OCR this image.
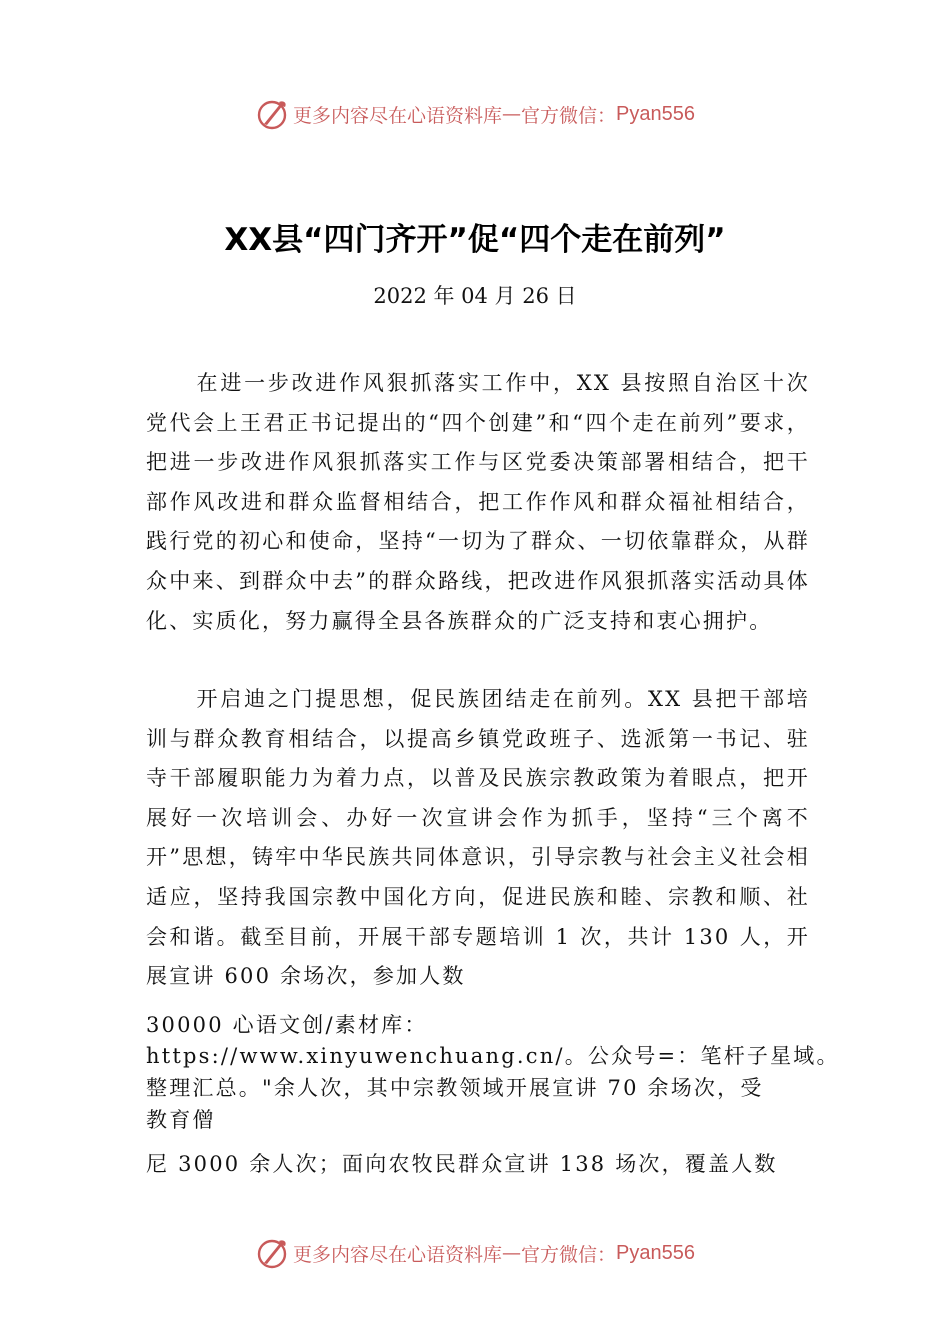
更多内容尽在心语资料库 — 官方微信： Pyan556
XX县“四门齐开”促“四个走在前列”
2022 年 04 月 26 日

在进一步改进作风狠抓落实工作中，XX 县按照自治区十次党代会上王君正书记提出的“四个创建”和“四个走在前列”要求，把进一步改进作风狠抓落实工作与区党委决策部署相结合，把干部作风改进和群众监督相结合，把工作作风和群众福祉相结合，践行党的初心和使命，坚持“一切为了群众、一切依靠群众，从群众中来、到群众中去”的群众路线，把改进作风狠抓落实活动具体化、实质化，努力赢得全县各族群众的广泛支持和衷心拥护。

开启迪之门提思想，促民族团结走在前列。XX 县把干部培训与群众教育相结合，以提高乡镇党政班子、选派第一书记、驻寺干部履职能力为着力点，以普及民族宗教政策为着眼点，把开展好一次培训会、办好一次宣讲会作为抓手，坚持“三个离不开”思想，铸牢中华民族共同体意识，引导宗教与社会主义社会相适应，坚持我国宗教中国化方向，促进民族和睦、宗教和顺、社会和谐。截至目前，开展干部专题培训 1 次，共计 130 人，开展宣讲 600 余场次，参加人数

30000 心语文创/素材库：
https://www.xinyuwenchuang.cn/。公众号=：笔杆子星域。
整理汇总。"余人次，其中宗教领域开展宣讲 70 余场次，受
教育僧
尼 3000 余人次；面向农牧民群众宣讲 138 场次，覆盖人数
更多内容尽在心语资料库 — 官方微信： Pyan556
